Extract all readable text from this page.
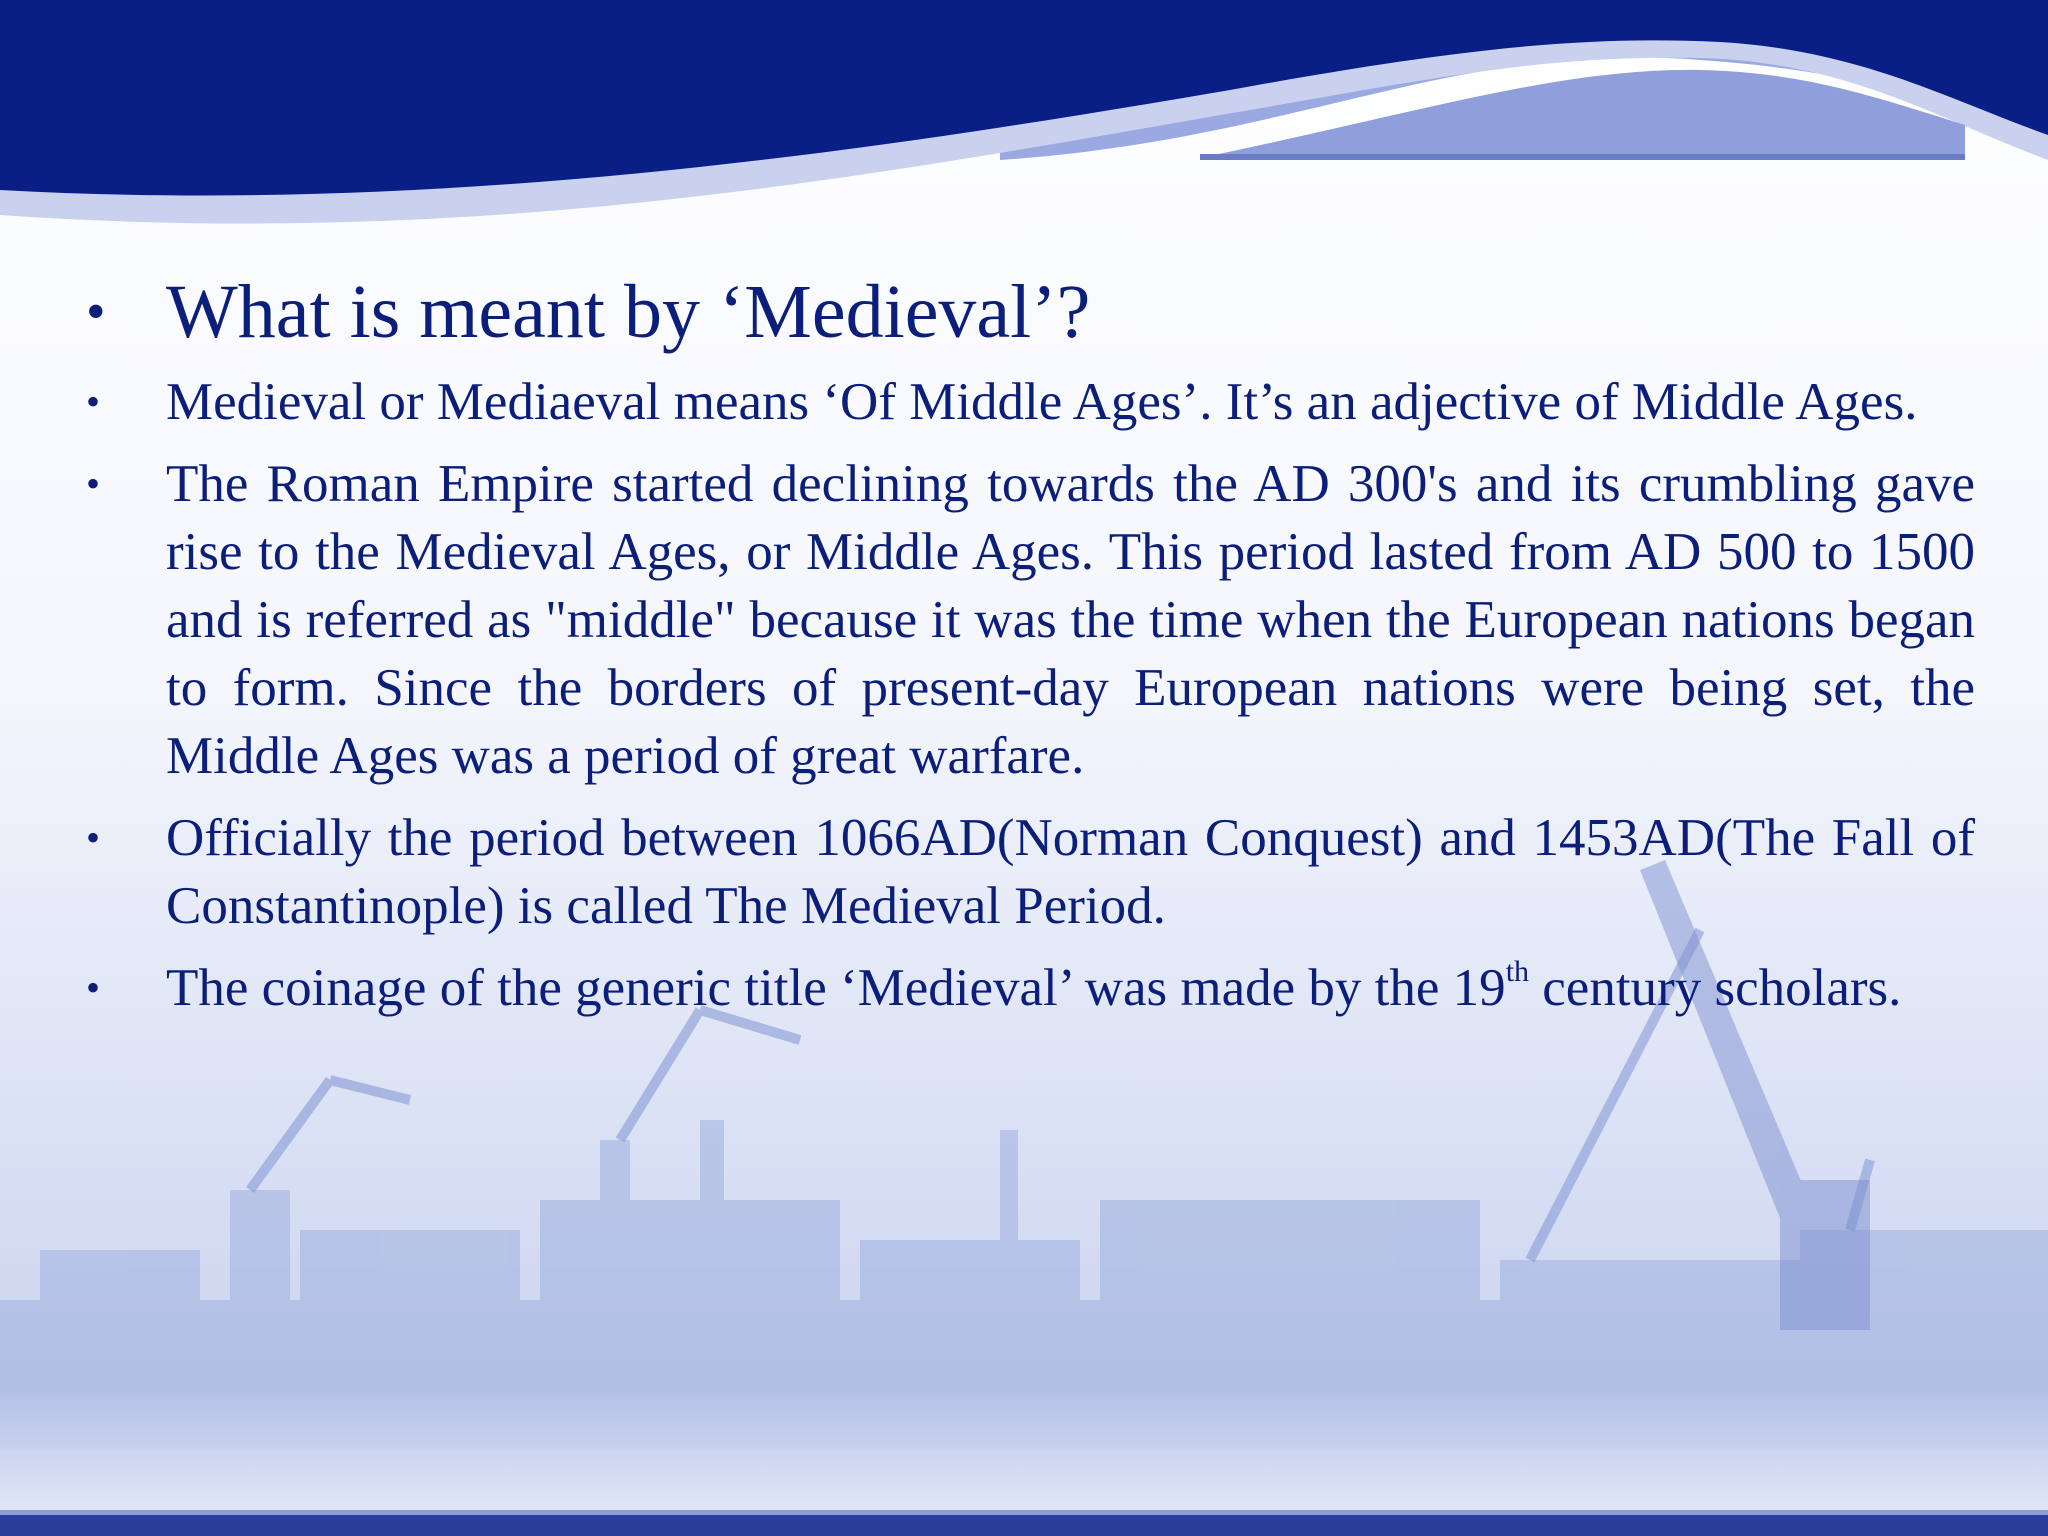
• What is meant by ‘Medieval’?
• Medieval or Mediaeval means ‘Of Middle Ages’. It’s an adjective of Middle Ages.
• The Roman Empire started declining towards the AD 300's and its crumbling gave rise to the Medieval Ages, or Middle Ages. This period lasted from AD 500 to 1500 and is referred as "middle" because it was the time when the European nations began to form. Since the borders of present-day European nations were being set, the Middle Ages was a period of great warfare.
• Officially the period between 1066AD(Norman Conquest) and 1453AD(The Fall of Constantinople) is called The Medieval Period.
• The coinage of the generic title ‘Medieval’ was made by the 19th century scholars.
